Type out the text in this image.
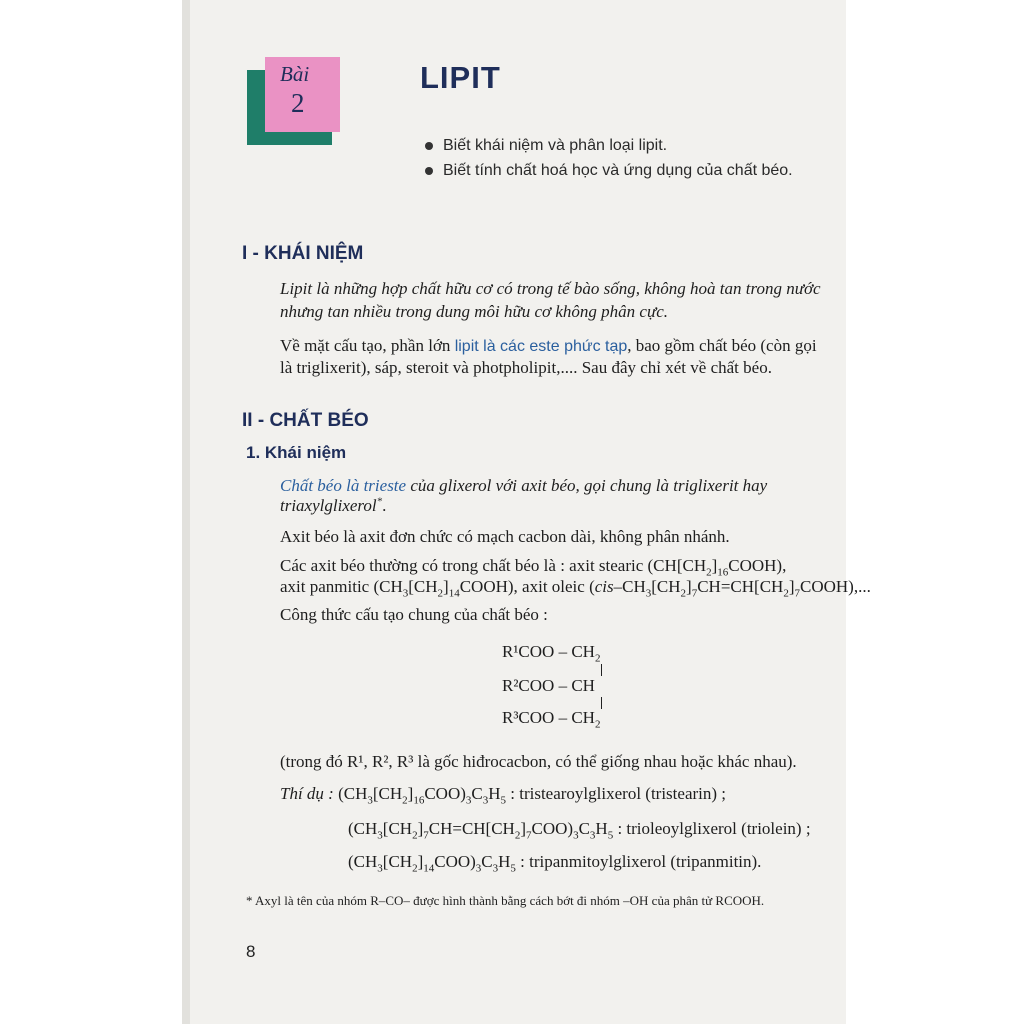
Bài
2
LIPIT
Biết khái niệm và phân loại lipit.
Biết tính chất hoá học và ứng dụng của chất béo.
I - KHÁI NIỆM
Lipit là những hợp chất hữu cơ có trong tế bào sống, không hoà tan trong nước
nhưng tan nhiều trong dung môi hữu cơ không phân cực.
Về mặt cấu tạo, phần lớn lipit là các este phức tạp, bao gồm chất béo (còn gọi
là triglixerit), sáp, steroit và photpholipit,.... Sau đây chỉ xét về chất béo.
II - CHẤT BÉO
1. Khái niệm
Chất béo là trieste của glixerol với axit béo, gọi chung là triglixerit hay
triaxylglixerol*.
Axit béo là axit đơn chức có mạch cacbon dài, không phân nhánh.
Các axit béo thường có trong chất béo là : axit stearic $(CH[CH_2]_{16}COOH)$,
axit panmitic $(CH_3[CH_2]_{14}COOH)$, axit oleic $(cis-CH_3[CH_2]_7CH=CH[CH_2]_7COOH)$,...
Công thức cấu tạo chung của chất béo :
$R^1COO - CH_2$
R²COO – CH
$R^3COO - CH_2$
(trong đó R¹, R², R³ là gốc hiđrocacbon, có thể giống nhau hoặc khác nhau).
Thí dụ : $(CH_3[CH_2]_{16}COO)_3C_3H_5$ : tristearoylglixerol (tristearin) ;
$(CH_3[CH_2]_7CH=CH[CH_2]_7COO)_3C_3H_5$ : trioleoylglixerol (triolein) ;
$(CH_3[CH_2]_{14}COO)_3C_3H_5$ : tripanmitoylglixerol (tripanmitin).
* Axyl là tên của nhóm R–CO– được hình thành bằng cách bớt đi nhóm –OH của phân tử RCOOH.
8
